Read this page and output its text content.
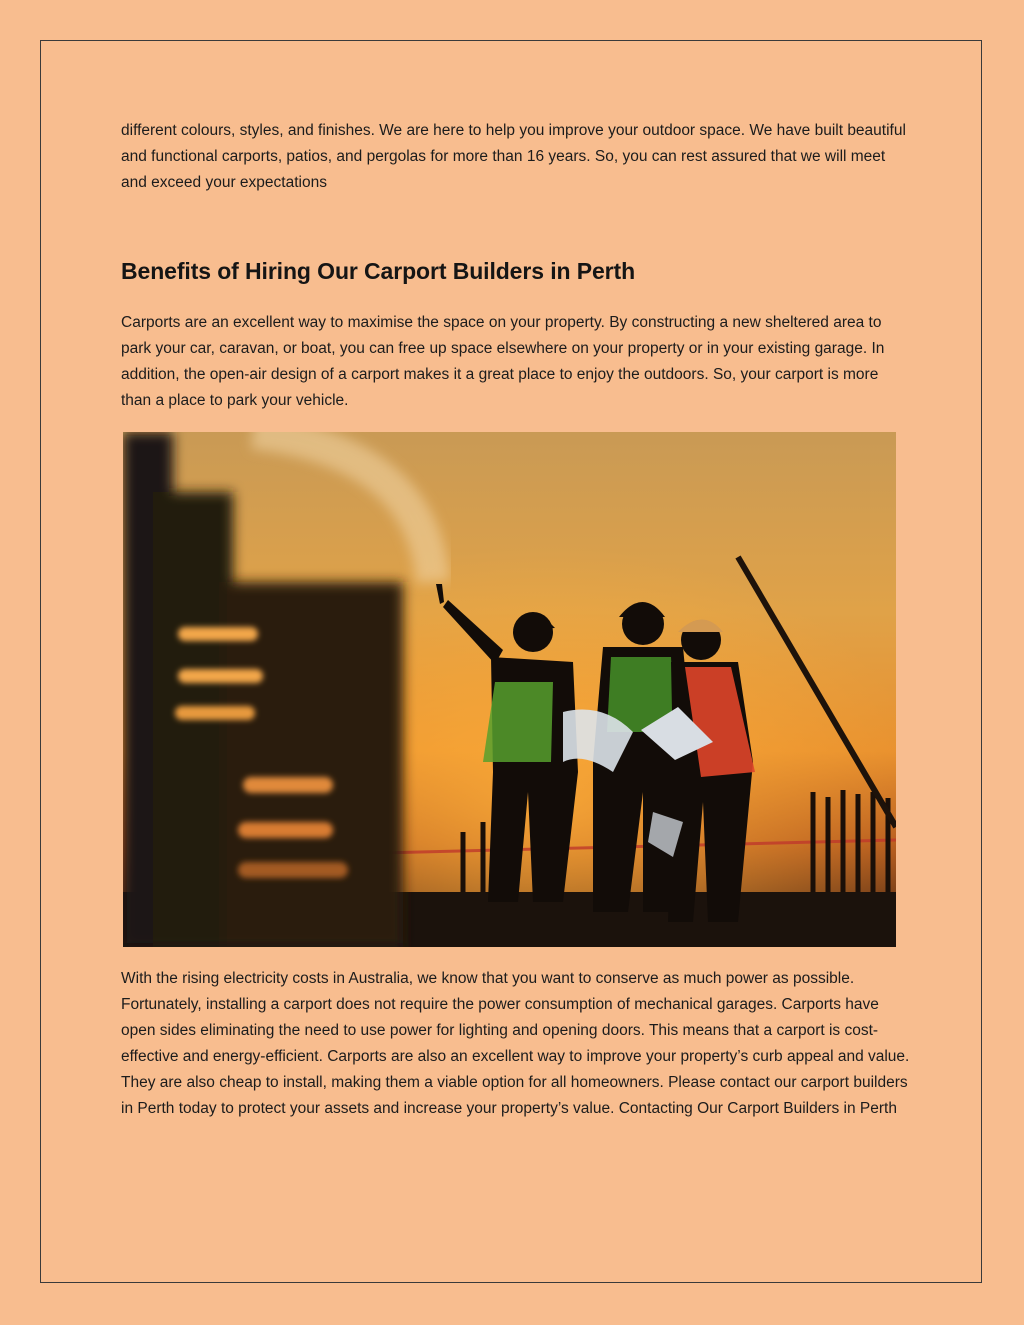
different colours, styles, and finishes. We are here to help you improve your outdoor space. We have built beautiful and functional carports, patios, and pergolas for more than 16 years. So, you can rest assured that we will meet and exceed your expectations

Benefits of Hiring Our Carport Builders in Perth

Carports are an excellent way to maximise the space on your property. By constructing a new sheltered area to park your car, caravan, or boat, you can free up space elsewhere on your property or in your existing garage. In addition, the open-air design of a carport makes it a great place to enjoy the outdoors. So, your carport is more than a place to park your vehicle.

With the rising electricity costs in Australia, we know that you want to conserve as much power as possible. Fortunately, installing a carport does not require the power consumption of mechanical garages. Carports have open sides eliminating the need to use power for lighting and opening doors. This means that a carport is cost-effective and energy-efficient. Carports are also an excellent way to improve your property’s curb appeal and value. They are also cheap to install, making them a viable option for all homeowners. Please contact our carport builders in Perth today to protect your assets and increase your property’s value. Contacting Our Carport Builders in Perth
